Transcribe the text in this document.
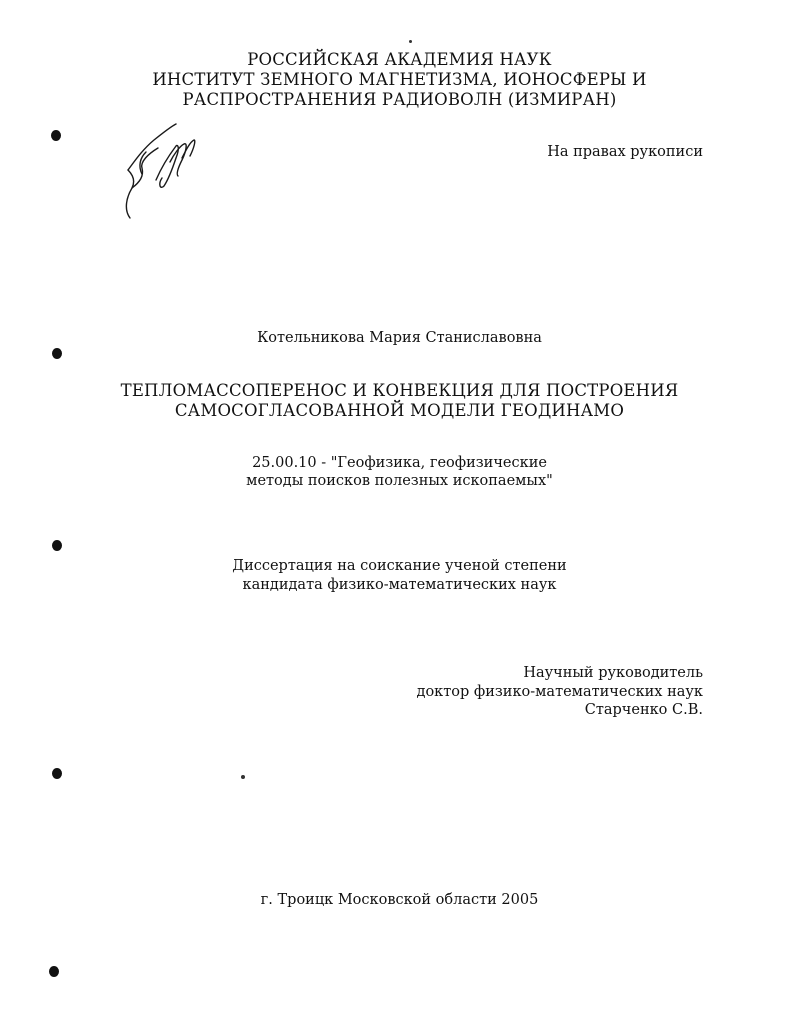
РОССИЙСКАЯ АКАДЕМИЯ НАУК
ИНСТИТУТ ЗЕМНОГО МАГНЕТИЗМА, ИОНОСФЕРЫ И
РАСПРОСТРАНЕНИЯ РАДИОВОЛН (ИЗМИРАН)
На правах рукописи
Котельникова Мария Станиславовна
ТЕПЛОМАССОПЕРЕНОС И КОНВЕКЦИЯ ДЛЯ ПОСТРОЕНИЯ
САМОСОГЛАСОВАННОЙ МОДЕЛИ ГЕОДИНАМО
25.00.10 - "Геофизика, геофизические
методы поисков полезных ископаемых"
Диссертация на соискание ученой степени
кандидата физико-математических наук
Научный руководитель
доктор физико-математических наук
Старченко С.В.
г. Троицк Московской области 2005
